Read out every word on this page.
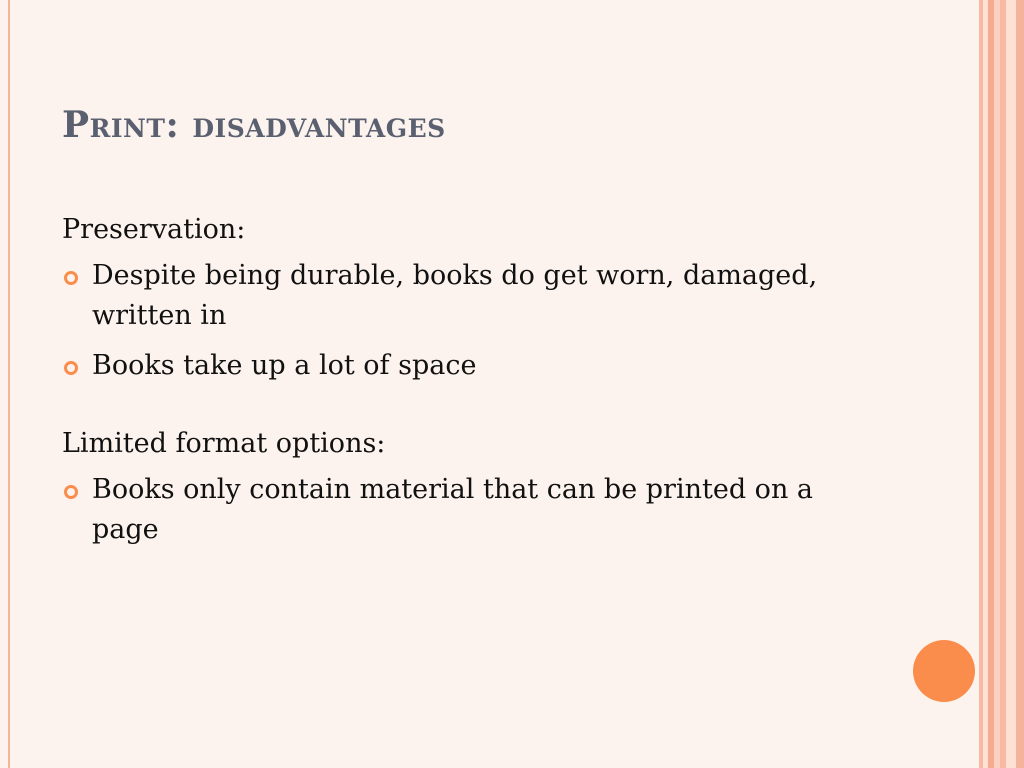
Print: disadvantages

Preservation:

Despite being durable, books do get worn, damaged, written in
Books take up a lot of space

Limited format options:

Books only contain material that can be printed on a page
